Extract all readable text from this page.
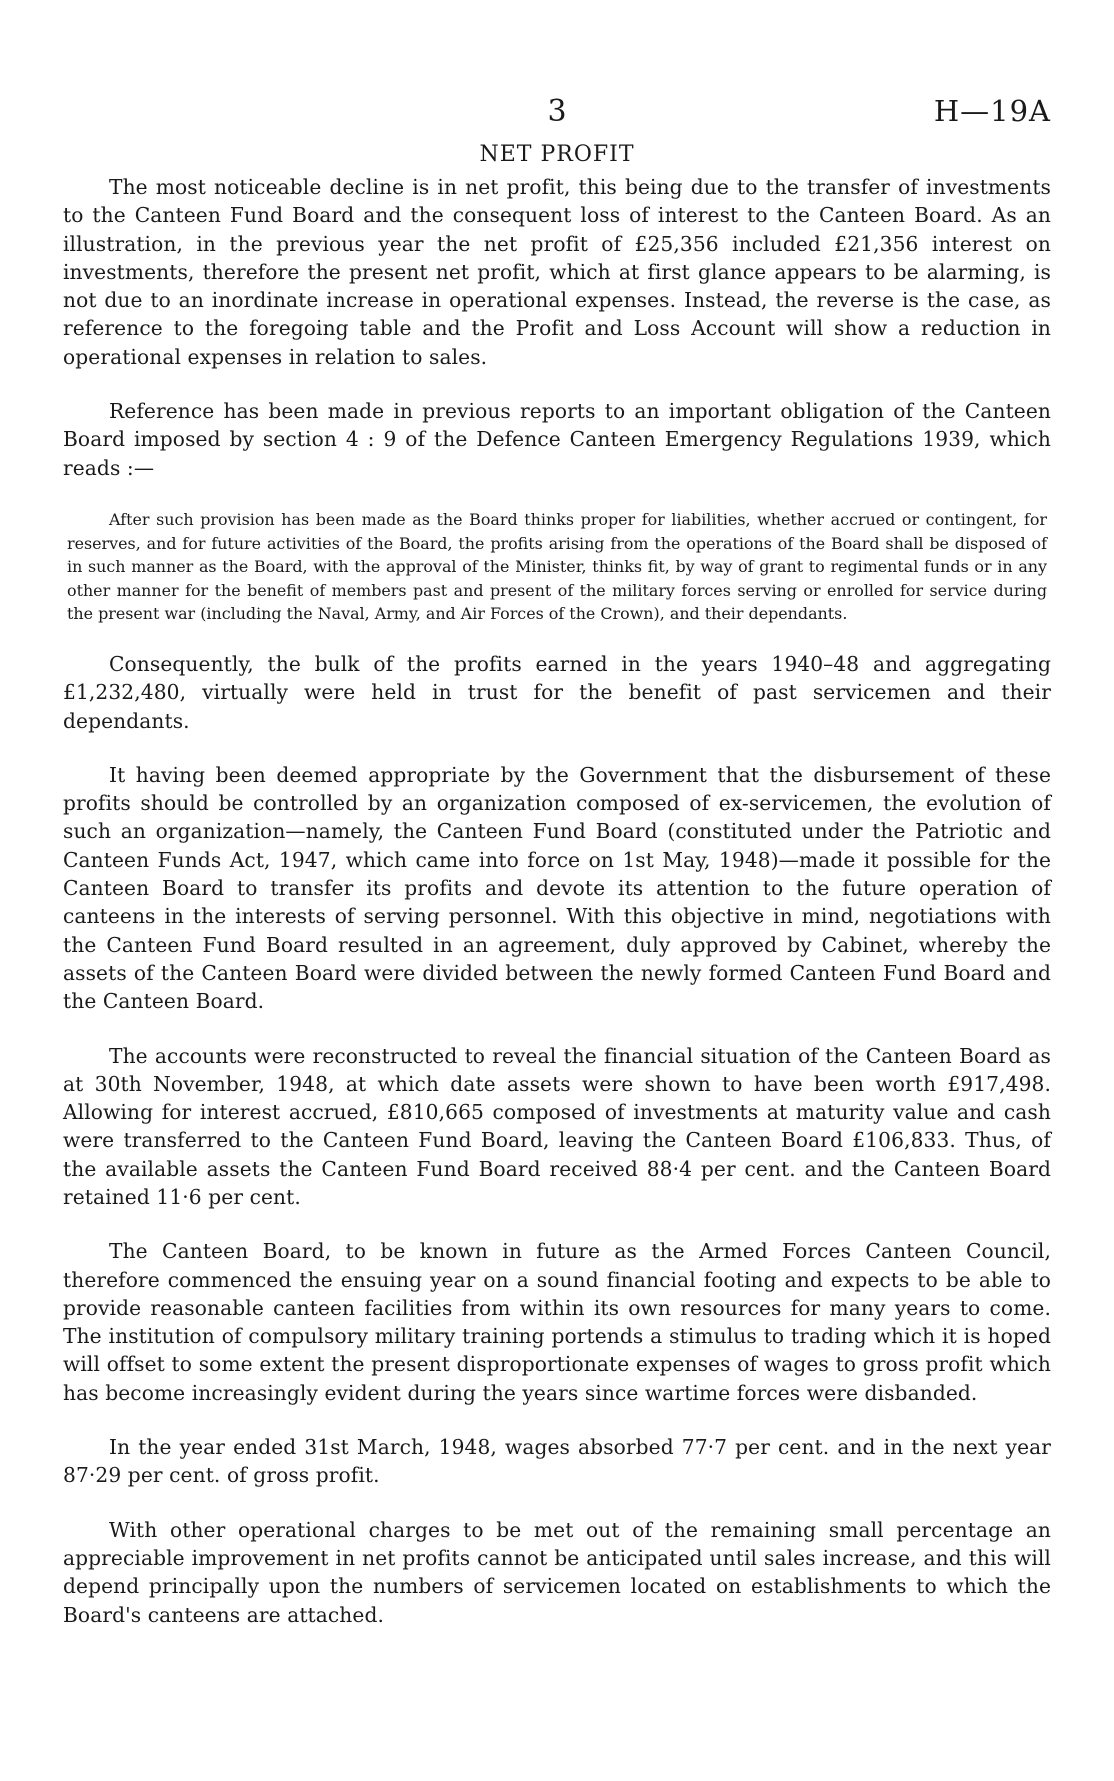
3	H—19A
NET PROFIT

The most noticeable decline is in net profit, this being due to the transfer of investments to the Canteen Fund Board and the consequent loss of interest to the Canteen Board. As an illustration, in the previous year the net profit of £25,356 included £21,356 interest on investments, therefore the present net profit, which at first glance appears to be alarming, is not due to an inordinate increase in operational expenses. Instead, the reverse is the case, as reference to the foregoing table and the Profit and Loss Account will show a reduction in operational expenses in relation to sales.

Reference has been made in previous reports to an important obligation of the Canteen Board imposed by section 4 : 9 of the Defence Canteen Emergency Regulations 1939, which reads :—

After such provision has been made as the Board thinks proper for liabilities, whether accrued or contingent, for reserves, and for future activities of the Board, the profits arising from the operations of the Board shall be disposed of in such manner as the Board, with the approval of the Minister, thinks fit, by way of grant to regimental funds or in any other manner for the benefit of members past and present of the military forces serving or enrolled for service during the present war (including the Naval, Army, and Air Forces of the Crown), and their dependants.

Consequently, the bulk of the profits earned in the years 1940–48 and aggregating £1,232,480, virtually were held in trust for the benefit of past servicemen and their dependants.

It having been deemed appropriate by the Government that the disbursement of these profits should be controlled by an organization composed of ex-servicemen, the evolution of such an organization—namely, the Canteen Fund Board (constituted under the Patriotic and Canteen Funds Act, 1947, which came into force on 1st May, 1948)—made it possible for the Canteen Board to transfer its profits and devote its attention to the future operation of canteens in the interests of serving personnel. With this objective in mind, negotiations with the Canteen Fund Board resulted in an agreement, duly approved by Cabinet, whereby the assets of the Canteen Board were divided between the newly formed Canteen Fund Board and the Canteen Board.

The accounts were reconstructed to reveal the financial situation of the Canteen Board as at 30th November, 1948, at which date assets were shown to have been worth £917,498. Allowing for interest accrued, £810,665 composed of investments at maturity value and cash were transferred to the Canteen Fund Board, leaving the Canteen Board £106,833. Thus, of the available assets the Canteen Fund Board received 88·4 per cent. and the Canteen Board retained 11·6 per cent.

The Canteen Board, to be known in future as the Armed Forces Canteen Council, therefore commenced the ensuing year on a sound financial footing and expects to be able to provide reasonable canteen facilities from within its own resources for many years to come. The institution of compulsory military training portends a stimulus to trading which it is hoped will offset to some extent the present disproportionate expenses of wages to gross profit which has become increasingly evident during the years since wartime forces were disbanded.

In the year ended 31st March, 1948, wages absorbed 77·7 per cent. and in the next year 87·29 per cent. of gross profit.

With other operational charges to be met out of the remaining small percentage an appreciable improvement in net profits cannot be anticipated until sales increase, and this will depend principally upon the numbers of servicemen located on establishments to which the Board's canteens are attached.
